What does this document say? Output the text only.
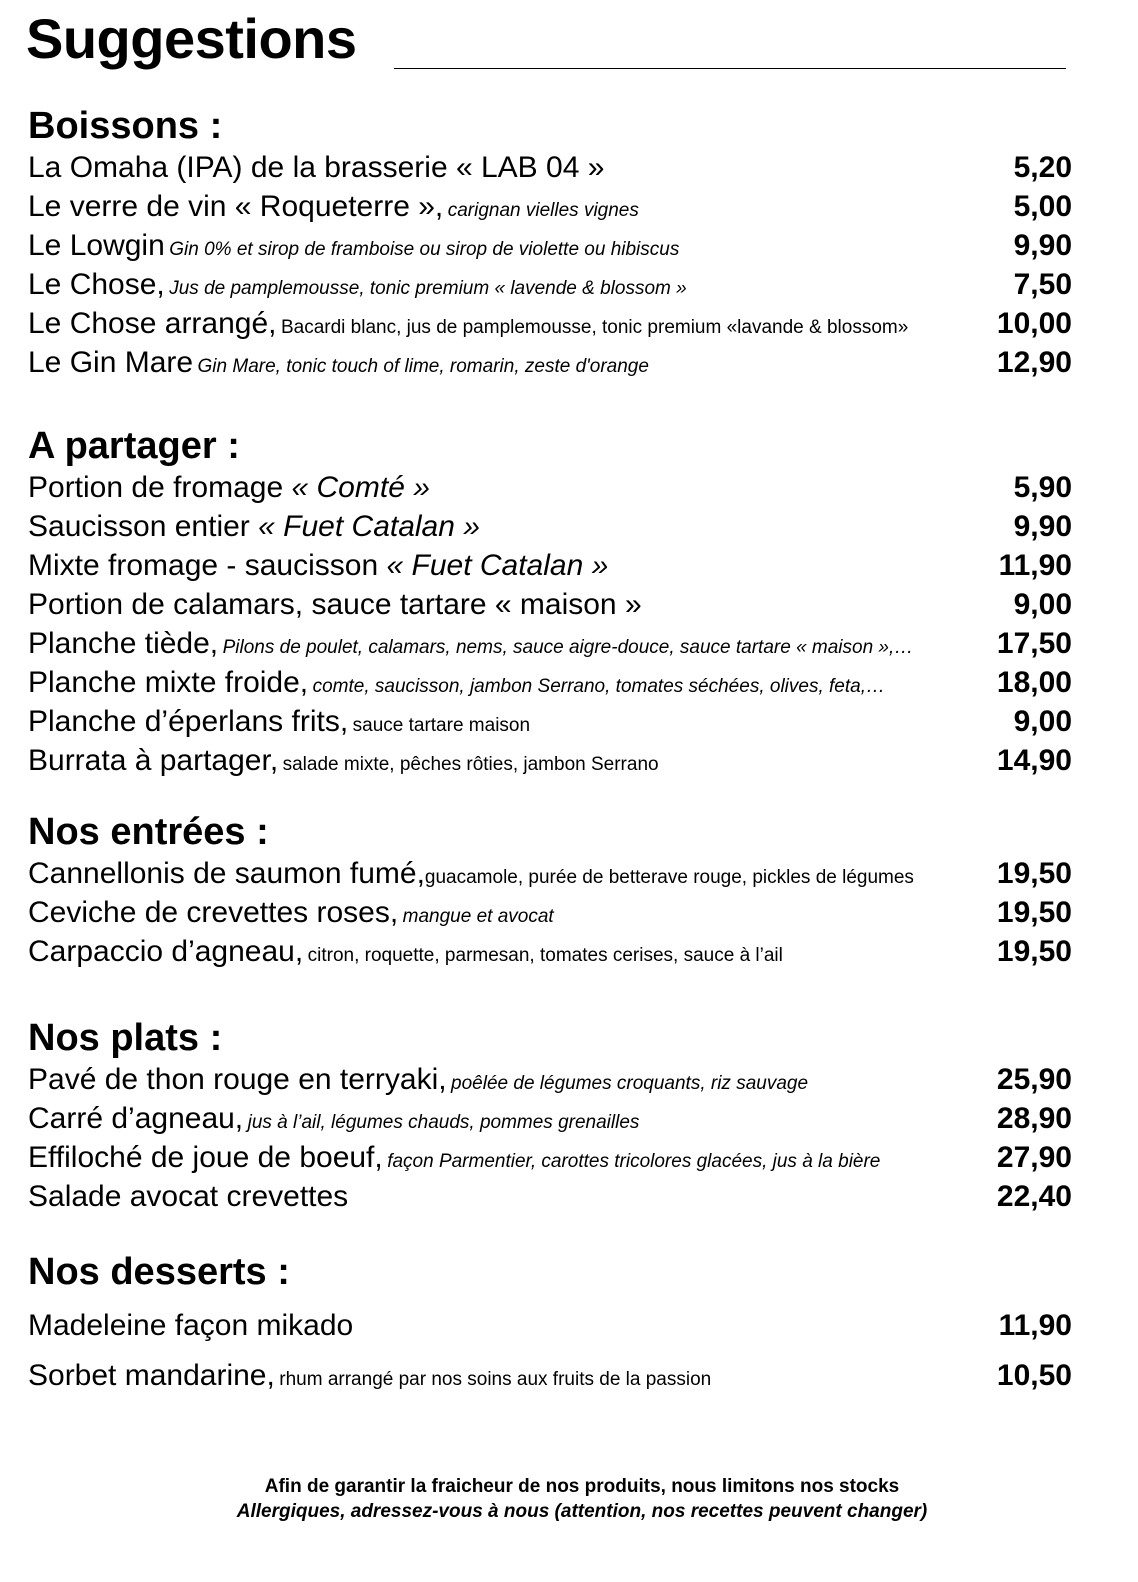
Suggestions
Boissons :
La Omaha (IPA) de la brasserie « LAB 04 »	5,20
Le verre de vin « Roqueterre », carignan vielles vignes	5,00
Le Lowgin Gin 0% et sirop de framboise ou sirop de violette ou hibiscus	9,90
Le Chose, Jus de pamplemousse, tonic premium « lavende & blossom »	7,50
Le Chose arrangé, Bacardi blanc, jus de pamplemousse, tonic premium «lavande & blossom»	10,00
Le Gin Mare Gin Mare, tonic touch of lime, romarin, zeste d'orange	12,90
A partager :
Portion de fromage « Comté »	5,90
Saucisson entier « Fuet Catalan »	9,90
Mixte fromage - saucisson « Fuet Catalan »	11,90
Portion de calamars, sauce tartare « maison »	9,00
Planche tiède, Pilons de poulet, calamars, nems, sauce aigre-douce, sauce tartare « maison »,…	17,50
Planche mixte froide, comte, saucisson, jambon Serrano, tomates séchées, olives, feta,…	18,00
Planche d’éperlans frits, sauce tartare maison	9,00
Burrata à partager, salade mixte, pêches rôties, jambon Serrano	14,90
Nos entrées :
Cannellonis de saumon fumé,guacamole, purée de betterave rouge, pickles de légumes	19,50
Ceviche de crevettes roses, mangue et avocat	19,50
Carpaccio d’agneau, citron, roquette, parmesan, tomates cerises, sauce à l’ail	19,50
Nos plats :
Pavé de thon rouge en terryaki, poêlée de légumes croquants, riz sauvage	25,90
Carré d’agneau, jus à l’ail, légumes chauds, pommes grenailles	28,90
Effiloché de joue de boeuf, façon Parmentier, carottes tricolores glacées, jus à la bière	27,90
Salade avocat crevettes	22,40
Nos desserts :
Madeleine façon mikado	11,90
Sorbet mandarine, rhum arrangé par nos soins aux fruits de la passion	10,50
Afin de garantir la fraicheur de nos produits, nous limitons nos stocks
Allergiques, adressez-vous à nous (attention, nos recettes peuvent changer)
